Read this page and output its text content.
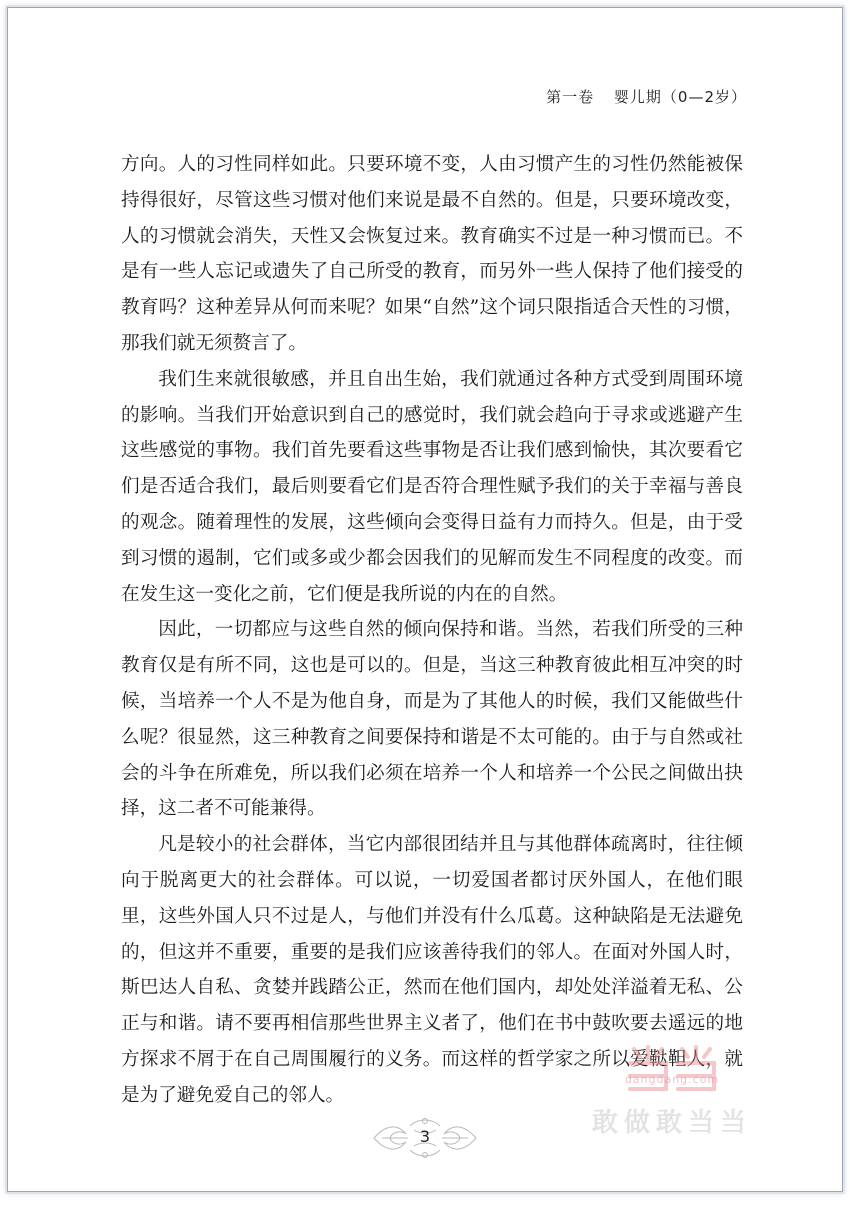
第一卷 婴儿期（0—2岁）

方向。人的习性同样如此。只要环境不变，人由习惯产生的习性仍然能被保持得很好，尽管这些习惯对他们来说是最不自然的。但是，只要环境改变，人的习惯就会消失，天性又会恢复过来。教育确实不过是一种习惯而已。不是有一些人忘记或遗失了自己所受的教育，而另外一些人保持了他们接受的教育吗？这种差异从何而来呢？如果“自然”这个词只限指适合天性的习惯，那我们就无须赘言了。

我们生来就很敏感，并且自出生始，我们就通过各种方式受到周围环境的影响。当我们开始意识到自己的感觉时，我们就会趋向于寻求或逃避产生这些感觉的事物。我们首先要看这些事物是否让我们感到愉快，其次要看它们是否适合我们，最后则要看它们是否符合理性赋予我们的关于幸福与善良的观念。随着理性的发展，这些倾向会变得日益有力而持久。但是，由于受到习惯的遏制，它们或多或少都会因我们的见解而发生不同程度的改变。而在发生这一变化之前，它们便是我所说的内在的自然。

因此，一切都应与这些自然的倾向保持和谐。当然，若我们所受的三种教育仅是有所不同，这也是可以的。但是，当这三种教育彼此相互冲突的时候，当培养一个人不是为他自身，而是为了其他人的时候，我们又能做些什么呢？很显然，这三种教育之间要保持和谐是不太可能的。由于与自然或社会的斗争在所难免，所以我们必须在培养一个人和培养一个公民之间做出抉择，这二者不可能兼得。

凡是较小的社会群体，当它内部很团结并且与其他群体疏离时，往往倾向于脱离更大的社会群体。可以说，一切爱国者都讨厌外国人，在他们眼里，这些外国人只不过是人，与他们并没有什么瓜葛。这种缺陷是无法避免的，但这并不重要，重要的是我们应该善待我们的邻人。在面对外国人时，斯巴达人自私、贪婪并践踏公正，然而在他们国内，却处处洋溢着无私、公正与和谐。请不要再相信那些世界主义者了，他们在书中鼓吹要去遥远的地方探求不屑于在自己周围履行的义务。而这样的哲学家之所以爱鞑靼人，就是为了避免爱自己的邻人。

dangdang.com
敢做敢当当
3
